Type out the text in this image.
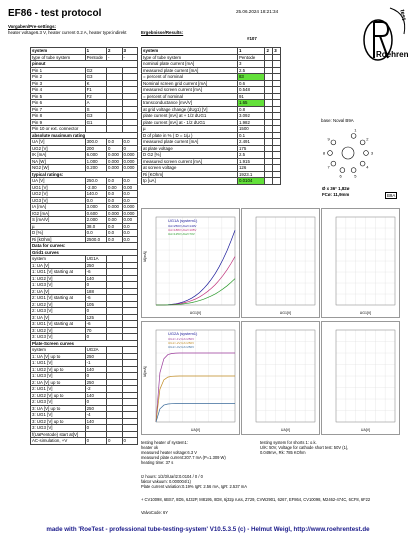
EF86 - test protocol	25.06.2024 18:21:34	test
Roehren
Vorgaben/Pre-settings:
heater voltage6.3 V, heater current 0.2 A, heater type:indirekt	Ergebnisse/Results:
#107
system	1	2	3
type of tube system	Pentode	-	-
pinout			
Pin 1	G2		
Pin 2	G3		
Pin 3	K		
Pin 4	F1		
Pin 5	F2		
Pin 6	A		
Pin 7	S		
Pin 8	G3		
Pin 9	G1		
Pin 10 or ext. connector			
absolute maximum rating			
UA [V]	300.0	0.0	0.0
UG2 [V]	200	0	0
IK [mA]	6.000	0.000	0.000
NA [W]	1.000	0.000	0.000
NG2 [W]	0.200	0.000	0.000
typical ratings:			
UA [V]	250.0	0.0	0.0
UG1 [V]	-2.00	0.00	0.00
UG2 [V]	140.0	0.0	0.0
UG3 [V]	0.0	0.0	0.0
IA [mA]	3.000	0.000	0.000
IG2 [mA]	0.600	0.000	0.000
S [mA/V]	2.000	0.00	0.00
µ	38.0	0.0	0.0
D [%]	0.0	0.0	0.0
Ri [kOhm]	2500.0	0.0	0.0
Data for curves:			
Grid1 curves			
system	UG1A		
1: UA [V]	250		
1: UG1 [V] starting at	-6		
1: UG2 [V]	140		
1: UG3 [V]	0		
2: UA [V]	188		
2: UG1 [V] starting at	-6		
2: UG2 [V]	105		
2: UG3 [V]	0		
3: UA [V]	125		
3: UG1 [V] starting at	-6		
3: UG2 [V]	70		
3: UG3 [V]	0		
Plate-Screen curves			
system	UG2A		
1: UA [V] up to	250		
1: UG1 [V]	-1		
1: UG2 [V] up to	140		
1: UG3 [V]	0		
2: UA [V] up to	250		
2: UG1 [V]	-2		
2: UG2 [V] up to	140		
2: UG3 [V]	0		
3: UA [V] up to	250		
3: UG1 [V]	-4		
3: UG2 [V] up to	140		
3: UG3 [V]	0		
f(UaPentode) start at[V]			
AC-simulation, +V	0	0	0
system	1	2	3
type of tube system	Pentode		
nominal plate current [mA]	3		
measured plate current [mA]	2.5		
= percent of nominal	83		
Nominal screen grid current [mA]	0.6		
measured screen current [mA]	0.548		
= percent of nominal	91		
transconductance [mA/V]	1.65		
at grid voltage change (dUg1) [V]	0.8		
plate current [mA] at + 1/2 dUG1	3.092		
plate current [mA] at - 1/2 dUG1	1.982		
µ	1500		
D of plate in % ( D = 1/µ )	0.1		
measured plate current [mA]	2.491		
at plate voltage	175		
D G2 [%]	2.5		
measured screen current [mA]	1.915		
at screen voltage	126		
Ri [KOhm]	1923.1		
tp [uA]	0.0104		
base: Noval B9A
1
2
3
4
5
6
7
8
9
Ø x 36° 1,82ø
FCø: 11,9mm	B9A
UG1A (system1)
UA=250V,UG2=140V
UA=188V,UG2=105V
UA=125V,UG2=70V
UG1[V]
IA[mA]
UG1[V]	UG1[V]
UG2A (system1)
UG1=-1V,UA=250V
UG1=-2V,UA=250V
UG1=-4V,UA=250V
UA[V]
IA[mA]
UA[V]	UA[V]
testing heater of system1:
heater ok
measured heater voltage:6.3 V
measured plate current:207.7 mA (P=1.309 W)
heating time: 37 s
testing system for shorts 1: o.k.
U/K: 50V, Voltage for cathode short test: 50V (1),
0.049mA, Rk: 785 KOhm
Iz hours: 1/2/3/Ua/I2:0.0104 / 0 / 0
faktor vakuum: 0.000004/1)
Plate current variation:0.19% IgR: 2.56 mA, IgR: 2.537 mA
+ CV10098, 6BS7, 8D5, 6J32P, M8195, 8D8, 6j32p russ, Z729, CVW2901, 6267, EF864, CV10098, M2462-474C, 6CF8, 6F22
ValvoCode: 6Y
made with 'RoeTest - professional tube-testing-system' V10.5.3.5 (c) - Helmut Weigl, http://www.roehrentest.de
